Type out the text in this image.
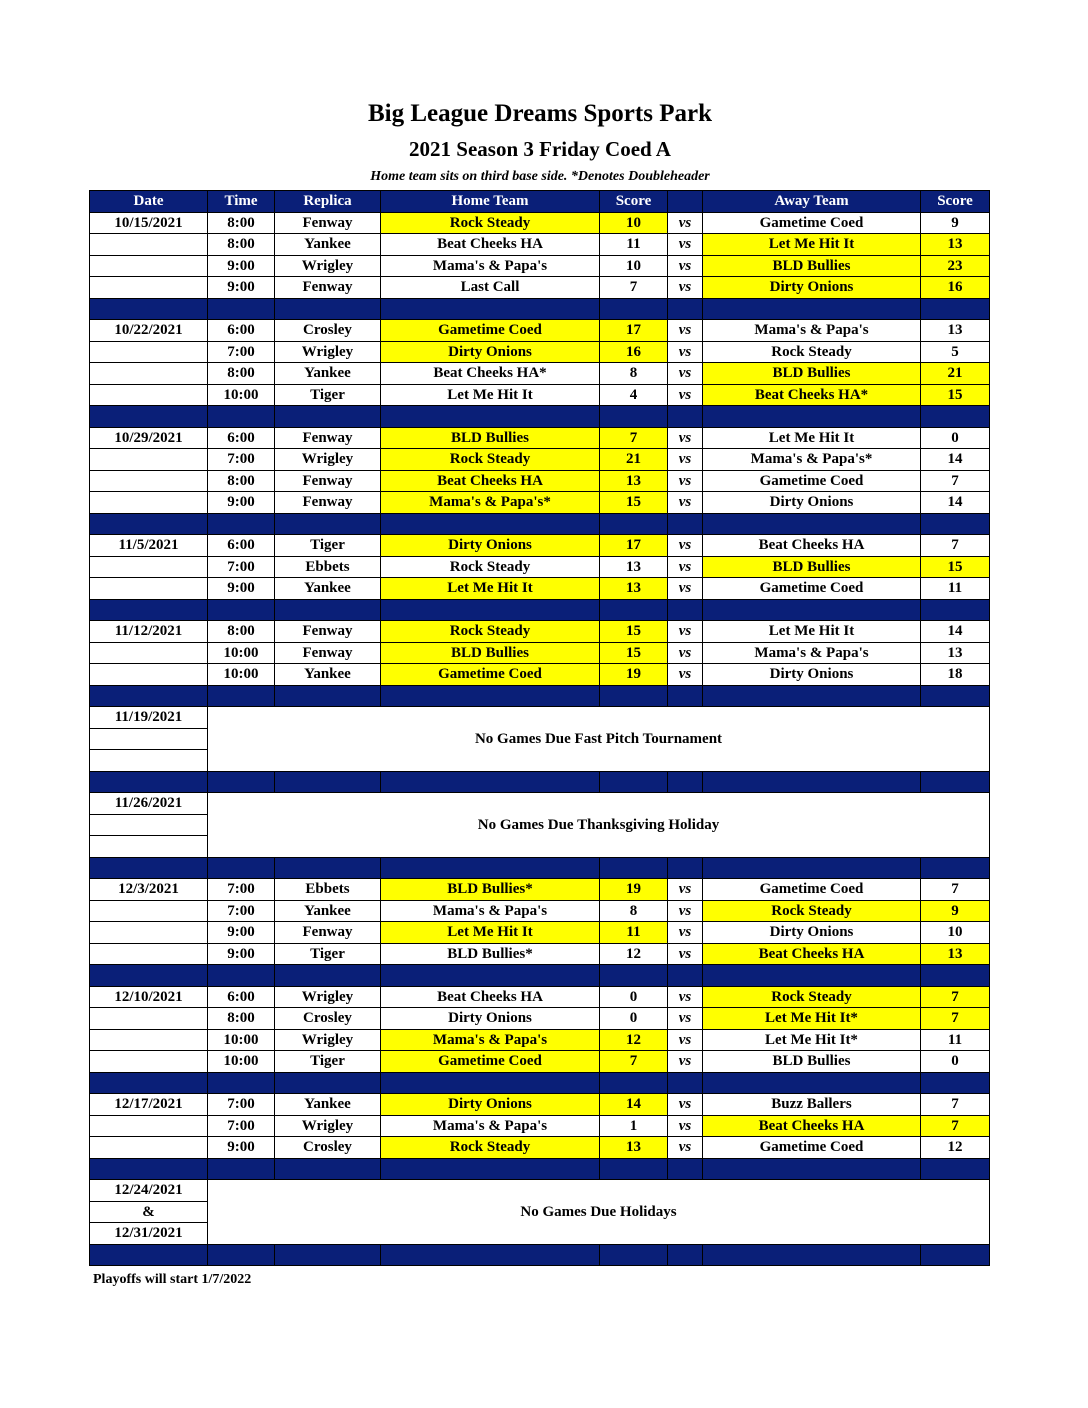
Big League Dreams Sports Park
2021 Season 3 Friday Coed A
Home team sits on third base side. *Denotes Doubleheader
Date	Time	Replica	Home Team	Score		Away Team	Score
10/15/2021	8:00	Fenway	Rock Steady	10	vs	Gametime Coed	9
	8:00	Yankee	Beat Cheeks HA	11	vs	Let Me Hit It	13
	9:00	Wrigley	Mama's & Papa's	10	vs	BLD Bullies	23
	9:00	Fenway	Last Call	7	vs	Dirty Onions	16

10/22/2021	6:00	Crosley	Gametime Coed	17	vs	Mama's & Papa's	13
	7:00	Wrigley	Dirty Onions	16	vs	Rock Steady	5
	8:00	Yankee	Beat Cheeks HA*	8	vs	BLD Bullies	21
	10:00	Tiger	Let Me Hit It	4	vs	Beat Cheeks HA*	15

10/29/2021	6:00	Fenway	BLD Bullies	7	vs	Let Me Hit It	0
	7:00	Wrigley	Rock Steady	21	vs	Mama's & Papa's*	14
	8:00	Fenway	Beat Cheeks HA	13	vs	Gametime Coed	7
	9:00	Fenway	Mama's & Papa's*	15	vs	Dirty Onions	14

11/5/2021	6:00	Tiger	Dirty Onions	17	vs	Beat Cheeks HA	7
	7:00	Ebbets	Rock Steady	13	vs	BLD Bullies	15
	9:00	Yankee	Let Me Hit It	13	vs	Gametime Coed	11

11/12/2021	8:00	Fenway	Rock Steady	15	vs	Let Me Hit It	14
	10:00	Fenway	BLD Bullies	15	vs	Mama's & Papa's	13
	10:00	Yankee	Gametime Coed	19	vs	Dirty Onions	18

11/19/2021	No Games Due Fast Pitch Tournament						

11/26/2021	No Games Due Thanksgiving Holiday						

12/3/2021	7:00	Ebbets	BLD Bullies*	19	vs	Gametime Coed	7
	7:00	Yankee	Mama's & Papa's	8	vs	Rock Steady	9
	9:00	Fenway	Let Me Hit It	11	vs	Dirty Onions	10
	9:00	Tiger	BLD Bullies*	12	vs	Beat Cheeks HA	13

12/10/2021	6:00	Wrigley	Beat Cheeks HA	0	vs	Rock Steady	7
	8:00	Crosley	Dirty Onions	0	vs	Let Me Hit It*	7
	10:00	Wrigley	Mama's & Papa's	12	vs	Let Me Hit It*	11
	10:00	Tiger	Gametime Coed	7	vs	BLD Bullies	0

12/17/2021	7:00	Yankee	Dirty Onions	14	vs	Buzz Ballers	7
	7:00	Wrigley	Mama's & Papa's	1	vs	Beat Cheeks HA	7
	9:00	Crosley	Rock Steady	13	vs	Gametime Coed	12

12/24/2021	No Games Due Holidays						
&							
12/31/2021							

Playoffs will start 1/7/2022
